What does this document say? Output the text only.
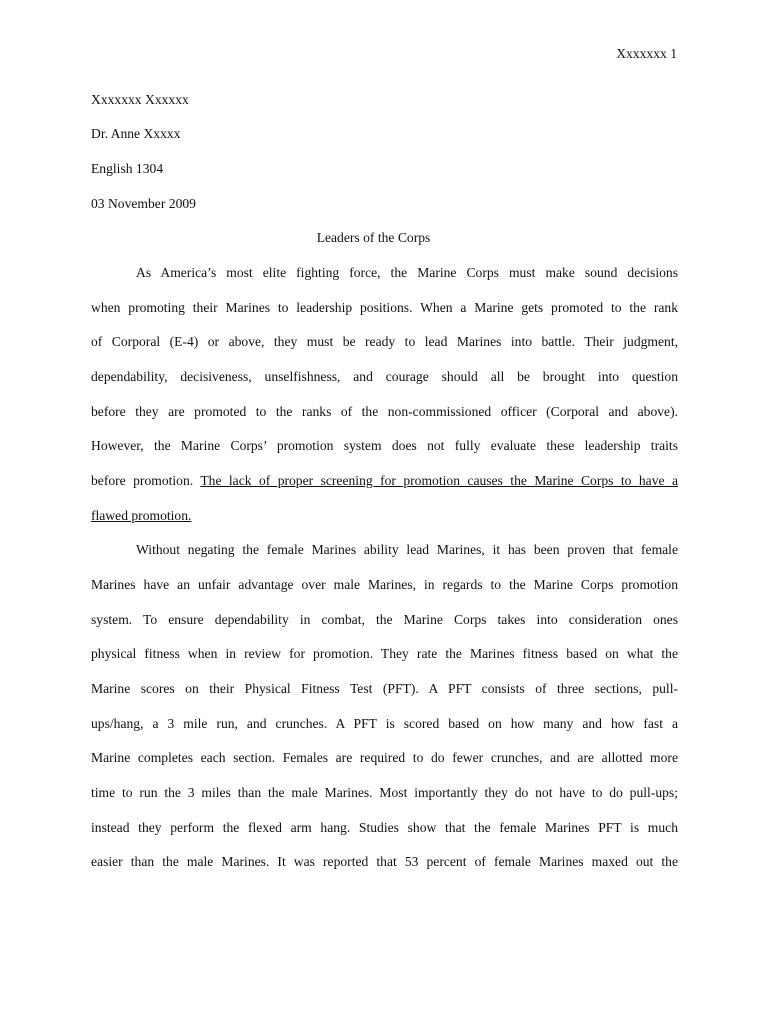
Xxxxxxx 1
Xxxxxxx Xxxxxx
Dr. Anne Xxxxx
English 1304
03 November 2009
Leaders of the Corps
As America’s most elite fighting force, the Marine Corps must make sound decisions
when promoting their Marines to leadership positions. When a Marine gets promoted to the rank
of Corporal (E-4) or above, they must be ready to lead Marines into battle. Their judgment,
dependability, decisiveness, unselfishness, and courage should all be brought into question
before they are promoted to the ranks of the non-commissioned officer (Corporal and above).
However, the Marine Corps’ promotion system does not fully evaluate these leadership traits
before promotion. The lack of proper screening for promotion causes the Marine Corps to have a
flawed promotion.
Without negating the female Marines ability lead Marines, it has been proven that female
Marines have an unfair advantage over male Marines, in regards to the Marine Corps promotion
system. To ensure dependability in combat, the Marine Corps takes into consideration ones
physical fitness when in review for promotion. They rate the Marines fitness based on what the
Marine scores on their Physical Fitness Test (PFT). A PFT consists of three sections, pull-
ups/hang, a 3 mile run, and crunches. A PFT is scored based on how many and how fast a
Marine completes each section. Females are required to do fewer crunches, and are allotted more
time to run the 3 miles than the male Marines. Most importantly they do not have to do pull-ups;
instead they perform the flexed arm hang. Studies show that the female Marines PFT is much
easier than the male Marines. It was reported that 53 percent of female Marines maxed out the
